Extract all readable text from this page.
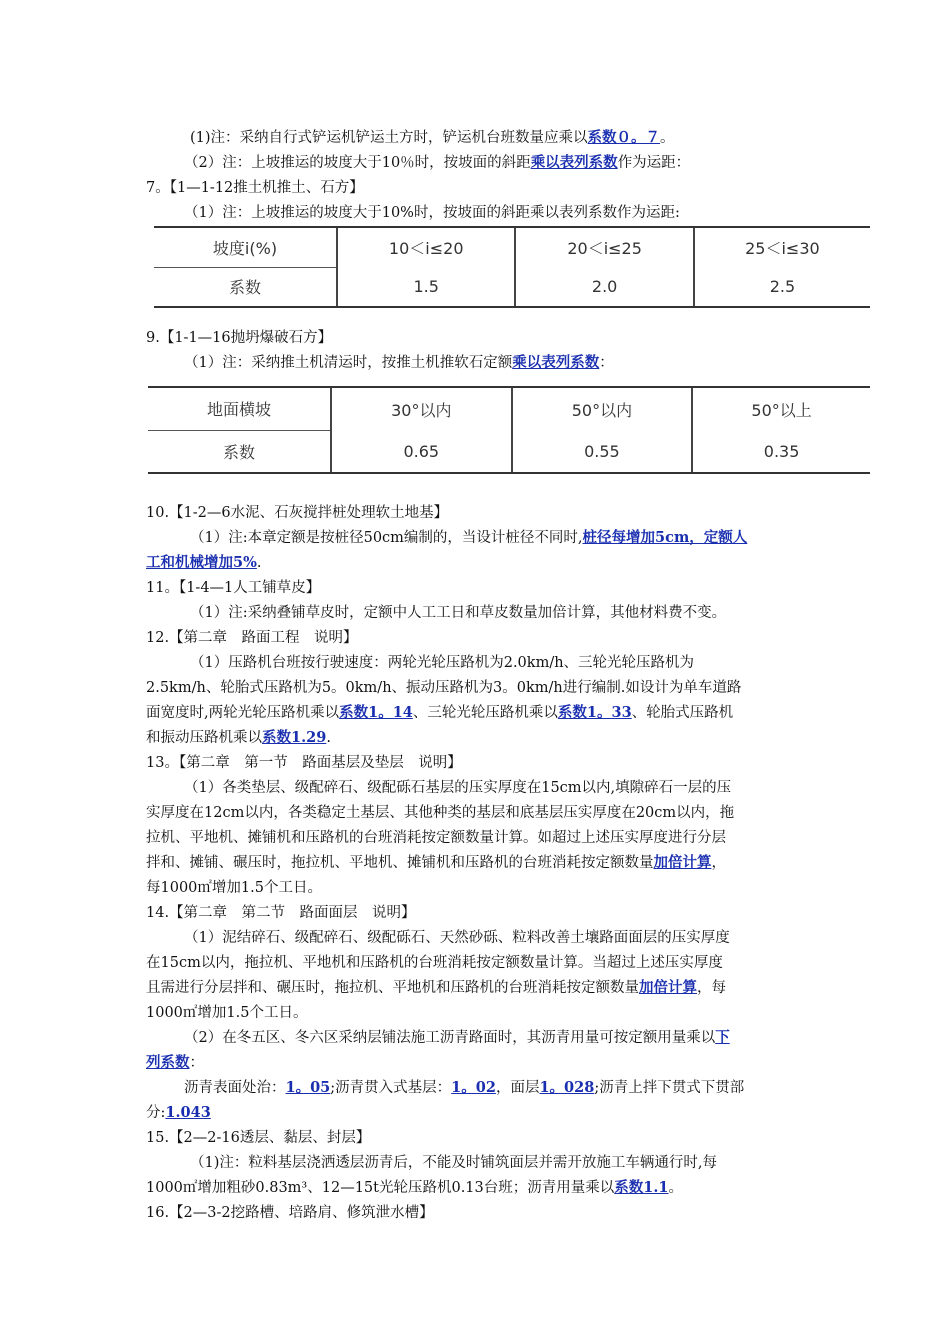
(1)注：采纳自行式铲运机铲运土方时，铲运机台班数量应乘以系数０。７。
（2）注：上坡推运的坡度大于10％时，按坡面的斜距乘以表列系数作为运距：
7。【1—1-12推土机推土、石方】
（1）注：上坡推运的坡度大于10%时，按坡面的斜距乘以表列系数作为运距:
坡度i(%)	10＜i≤20	20＜i≤25	25＜i≤30
系数	1.5	2.0	2.5
9.【1-1—16抛坍爆破石方】
（1）注：采纳推土机清运时，按推土机推软石定额乘以表列系数：
地面横坡	30°以内	50°以内	50°以上
系数	0.65	0.55	0.35
10.【1-2—6水泥、石灰搅拌桩处理软土地基】
（1）注:本章定额是按桩径50cm编制的，当设计桩径不同时,桩径每增加5cm，定额人
工和机械增加5%.
11。【1-4—1人工铺草皮】
（1）注:采纳叠铺草皮时，定额中人工工日和草皮数量加倍计算，其他材料费不变。
12.【第二章　路面工程　说明】
（1）压路机台班按行驶速度：两轮光轮压路机为2.0km/h、三轮光轮压路机为
2.5km/h、轮胎式压路机为5。0km/h、振动压路机为3。0km/h进行编制.如设计为单车道路
面宽度时,两轮光轮压路机乘以系数1。14、三轮光轮压路机乘以系数1。33、轮胎式压路机
和振动压路机乘以系数1.29.
13。【第二章　第一节　路面基层及垫层　说明】
（1）各类垫层、级配碎石、级配砾石基层的压实厚度在15cm以内,填隙碎石一层的压
实厚度在12cm以内，各类稳定土基层、其他种类的基层和底基层压实厚度在20cm以内，拖
拉机、平地机、摊铺机和压路机的台班消耗按定额数量计算。如超过上述压实厚度进行分层
拌和、摊铺、碾压时，拖拉机、平地机、摊铺机和压路机的台班消耗按定额数量加倍计算，
每1000㎡增加1.5个工日。
14.【第二章　第二节　路面面层　说明】
（1）泥结碎石、级配碎石、级配砾石、天然砂砾、粒料改善土壤路面面层的压实厚度
在15cm以内，拖拉机、平地机和压路机的台班消耗按定额数量计算。当超过上述压实厚度
且需进行分层拌和、碾压时，拖拉机、平地机和压路机的台班消耗按定额数量加倍计算，每
1000㎡增加1.5个工日。
（2）在冬五区、冬六区采纳层铺法施工沥青路面时，其沥青用量可按定额用量乘以下
列系数：
沥青表面处治：1。05;沥青贯入式基层：1。02，面层1。028;沥青上拌下贯式下贯部
分:1.043
15.【2—2-16透层、黏层、封层】
（1)注：粒料基层浇洒透层沥青后，不能及时铺筑面层并需开放施工车辆通行时,每
1000㎡增加粗砂0.83m³、12—15t光轮压路机0.13台班；沥青用量乘以系数1.1。
16.【2—3-2挖路槽、培路肩、修筑泄水槽】
